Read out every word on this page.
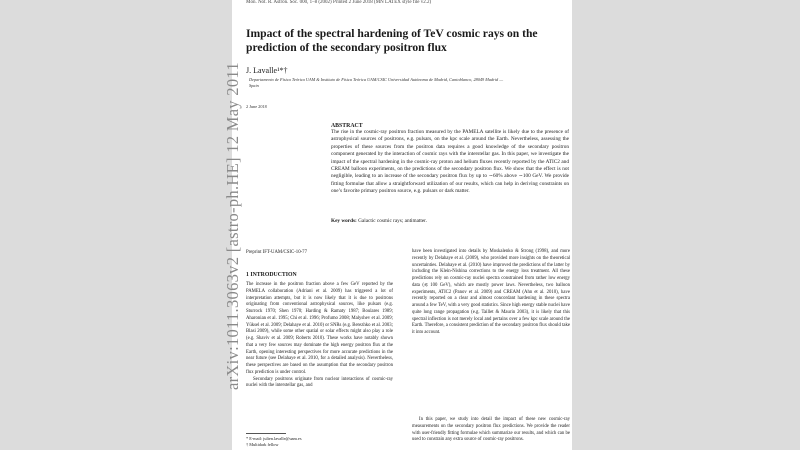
Mon. Not. R. Astron. Soc. 000, 1–8 (2002) Printed 2 June 2018 (MN LATEX style file v2.2)
arXiv:1011.3063v2 [astro-ph.HE] 12 May 2011
Impact of the spectral hardening of TeV cosmic rays on the prediction of the secondary positron flux
J. Lavalle¹*†
Departamento de Física Teórica UAM & Instituto de Física Teórica UAM/CSIC Universidad Autónoma de Madrid, Cantoblanco, 28049 Madrid — Spain
2 June 2018
ABSTRACT
The rise in the cosmic-ray positron fraction measured by the PAMELA satellite is likely due to the presence of astrophysical sources of positrons, e.g. pulsars, on the kpc scale around the Earth. Nevertheless, assessing the properties of these sources from the positron data requires a good knowledge of the secondary positron component generated by the interaction of cosmic rays with the interstellar gas. In this paper, we investigate the impact of the spectral hardening in the cosmic-ray proton and helium fluxes recently reported by the ATIC2 and CREAM balloon experiments, on the predictions of the secondary positron flux. We show that the effect is not negligible, leading to an increase of the secondary positron flux by up to ∼60% above ∼100 GeV. We provide fitting formulae that allow a straightforward utilization of our results, which can help in deriving constraints on one’s favorite primary positron source, e.g. pulsars or dark matter.
Key words: Galactic cosmic rays; antimatter.
Preprint IFT-UAM/CSIC-10-77
1 INTRODUCTION

The increase in the positron fraction above a few GeV reported by the PAMELA collaboration (Adriani et al. 2009) has triggered a lot of interpretation attempts, but it is now likely that it is due to positrons originating from conventional astrophysical sources, like pulsars (e.g. Sturrock 1970; Shen 1970; Harding & Ramaty 1987; Boulares 1989; Aharonian et al. 1995; Chi et al. 1996; Profumo 2008; Malyshev et al. 2009; Yüksel et al. 2009; Delahaye et al. 2010) or SNRs (e.g. Berezhko et al. 2003; Blasi 2009), while some other spatial or solar effects might also play a role (e.g. Shaviv et al. 2009; Roberts 2010). These works have notably shown that a very few sources may dominate the high energy positron flux at the Earth, opening interesting perspectives for more accurate predictions in the near future (see Delahaye et al. 2010, for a detailed analysis). Nevertheless, these perspectives are based on the assumption that the secondary positron flux prediction is under control.

Secondary positrons originate from nuclear interactions of cosmic-ray nuclei with the interstellar gas, and

have been investigated into details by Moskalenko & Strong (1998), and more recently by Delahaye et al. (2009), who provided more insights on the theoretical uncertainties. Delahaye et al. (2010) have improved the predictions of the latter by including the Klein-Nishina corrections to the energy loss treatment. All these predictions rely on cosmic-ray nuclei spectra constrained from rather low energy data (≲ 100 GeV), which are mostly power laws. Nevertheless, two balloon experiments, ATIC2 (Panov et al. 2009) and CREAM (Ahn et al. 2010), have recently reported on a clear and almost concordant hardening in these spectra around a few TeV, with a very good statistics. Since high energy stable nuclei have quite long range propagation (e.g. Taillet & Maurin 2003), it is likely that this spectral inflection is not merely local and pertains over a few kpc scale around the Earth. Therefore, a consistent prediction of the secondary positron flux should take it into account.

In this paper, we study into detail the impact of these new cosmic-ray measurements on the secondary positron flux predictions. We provide the reader with user-friendly fitting formulae which summarize our results, and which can be used to constrain any extra source of cosmic-ray positrons.

* E-mail: julien.lavalle@uam.es
† Multidark fellow
